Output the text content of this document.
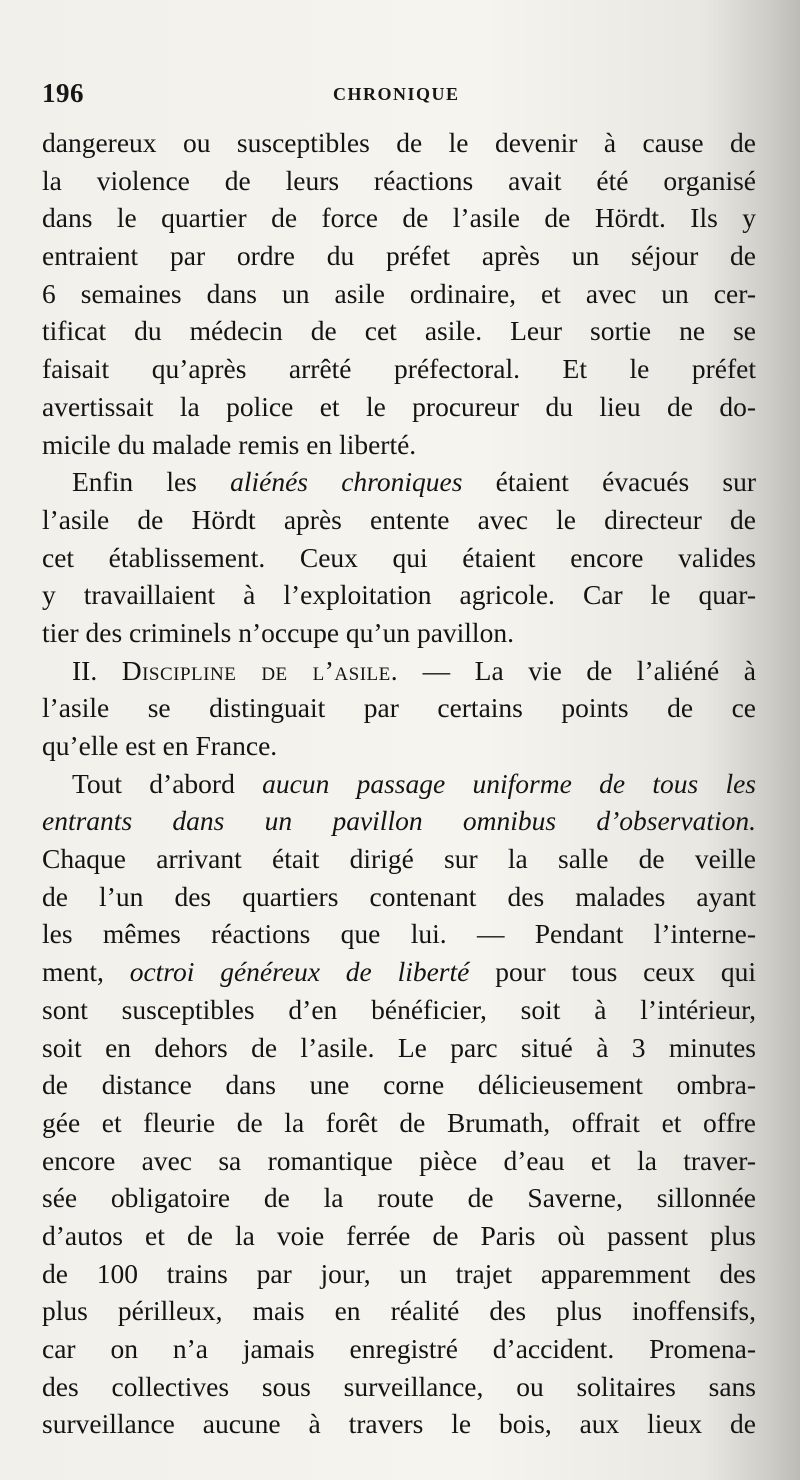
196	CHRONIQUE
dangereux ou susceptibles de le devenir à cause de
la violence de leurs réactions avait été organisé
dans le quartier de force de l’asile de Hördt. Ils y
entraient par ordre du préfet après un séjour de
6 semaines dans un asile ordinaire, et avec un cer-
tificat du médecin de cet asile. Leur sortie ne se
faisait qu’après arrêté préfectoral. Et le préfet
avertissait la police et le procureur du lieu de do-
micile du malade remis en liberté.
Enfin les aliénés chroniques étaient évacués sur
l’asile de Hördt après entente avec le directeur de
cet établissement. Ceux qui étaient encore valides
y travaillaient à l’exploitation agricole. Car le quar-
tier des criminels n’occupe qu’un pavillon.
II. Discipline de l’asile. — La vie de l’aliéné à
l’asile se distinguait par certains points de ce
qu’elle est en France.
Tout d’abord aucun passage uniforme de tous les
entrants dans un pavillon omnibus d’observation.
Chaque arrivant était dirigé sur la salle de veille
de l’un des quartiers contenant des malades ayant
les mêmes réactions que lui. — Pendant l’interne-
ment, octroi généreux de liberté pour tous ceux qui
sont susceptibles d’en bénéficier, soit à l’intérieur,
soit en dehors de l’asile. Le parc situé à 3 minutes
de distance dans une corne délicieusement ombra-
gée et fleurie de la forêt de Brumath, offrait et offre
encore avec sa romantique pièce d’eau et la traver-
sée obligatoire de la route de Saverne, sillonnée
d’autos et de la voie ferrée de Paris où passent plus
de 100 trains par jour, un trajet apparemment des
plus périlleux, mais en réalité des plus inoffensifs,
car on n’a jamais enregistré d’accident. Promena-
des collectives sous surveillance, ou solitaires sans
surveillance aucune à travers le bois, aux lieux de
